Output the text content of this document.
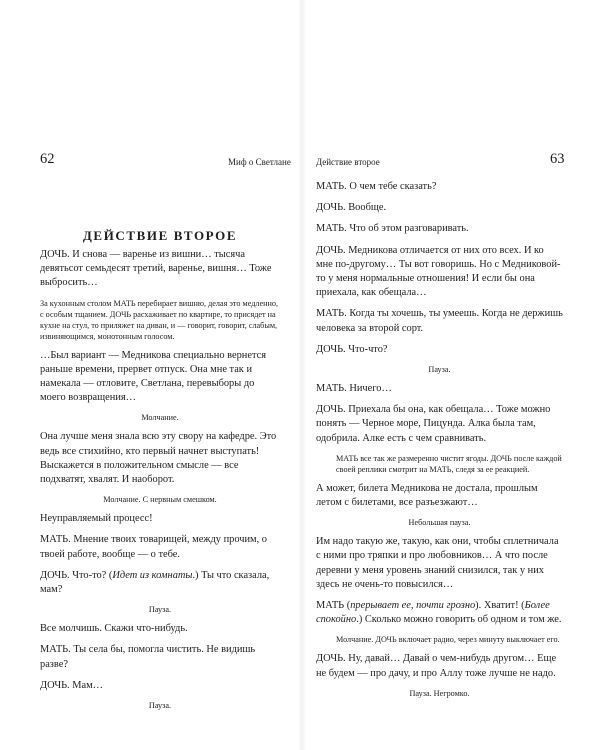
62	Миф о Светлане
ДЕЙСТВИЕ ВТОРОЕ
ДОЧЬ. И снова — варенье из вишни… тысяча девятьсот семьдесят третий, варенье, вишня… Тоже выбросить…
За кухонным столом МАТЬ перебирает вишню, делая это медленно, с особым тщанием. ДОЧЬ расхаживает по квартире, то присядет на кухне на стул, то приляжет на диван, и — говорит, говорит, слабым, извиняющимся, монотонным голосом.
…Был вариант — Медникова специально вернется раньше времени, прервет отпуск. Она мне так и намекала — отловите, Светлана, перевыборы до моего возвращения…
Молчание.
Она лучше меня знала всю эту свору на кафедре. Это ведь все стихийно, кто первый начнет выступать! Выскажется в положительном смысле — все подхватят, хвалят. И наоборот.
Молчание. С нервным смешком.
Неуправляемый процесс!
МАТЬ. Мнение твоих товарищей, между прочим, о твоей работе, вообще — о тебе.
ДОЧЬ. Что-то? (Идет из комнаты.) Ты что сказала, мам?
Пауза.
Все молчишь. Скажи что-нибудь.
МАТЬ. Ты села бы, помогла чистить. Не видишь разве?
ДОЧЬ. Мам…
Пауза.
Действие второе	63
МАТЬ. О чем тебе сказать?
ДОЧЬ. Вообще.
МАТЬ. Что об этом разговаривать.
ДОЧЬ. Медникова отличается от них ото всех. И ко мне по-другому… Ты вот говоришь. Но с Медниковой-то у меня нормальные отношения! И если бы она приехала, как обещала…
МАТЬ. Когда ты хочешь, ты умеешь. Когда не держишь человека за второй сорт.
ДОЧЬ. Что-что?
Пауза.
МАТЬ. Ничего…
ДОЧЬ. Приехала бы она, как обещала… Тоже можно понять — Черное море, Пицунда. Алка была там, одобрила. Алке есть с чем сравнивать.
МАТЬ все так же размеренно чистит ягоды. ДОЧЬ после каждой своей реплики смотрит на МАТЬ, следя за ее реакцией.
А может, билета Медникова не достала, прошлым летом с билетами, все разъезжают…
Небольшая пауза.
Им надо такую же, такую, как они, чтобы сплетничала с ними про тряпки и про любовников… А что после деревни у меня уровень знаний снизился, так у них здесь не очень-то повысился…
МАТЬ (прерывает ее, почти грозно). Хватит! (Более спокойно.) Сколько можно говорить об одном и том же.
Молчание. ДОЧЬ включает радио, через минуту выключает его.
ДОЧЬ. Ну, давай… Давай о чем-нибудь другом… Еще не будем — про дачу, и про Аллу тоже лучше не надо.
Пауза. Негромко.
